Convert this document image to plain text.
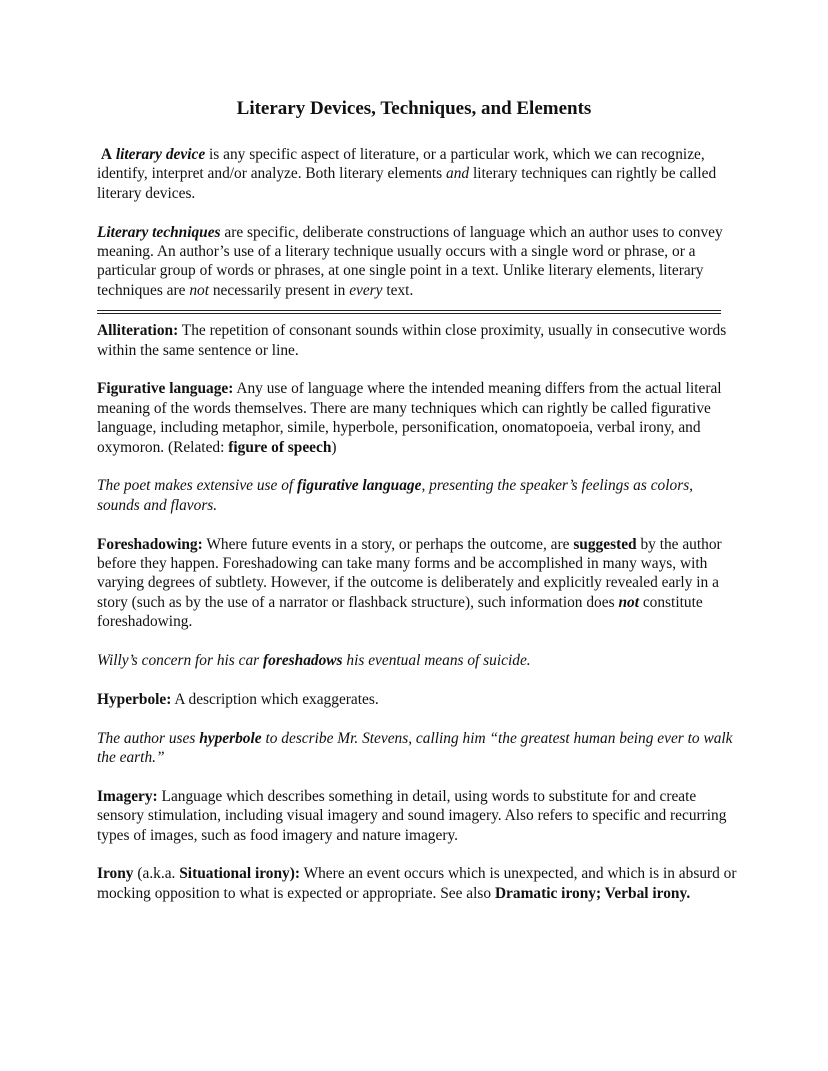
Literary Devices, Techniques, and Elements

A literary device is any specific aspect of literature, or a particular work, which we can recognize, identify, interpret and/or analyze. Both literary elements and literary techniques can rightly be called literary devices.

Literary techniques are specific, deliberate constructions of language which an author uses to convey meaning. An author’s use of a literary technique usually occurs with a single word or phrase, or a particular group of words or phrases, at one single point in a text. Unlike literary elements, literary techniques are not necessarily present in every text.

Alliteration: The repetition of consonant sounds within close proximity, usually in consecutive words within the same sentence or line.

Figurative language: Any use of language where the intended meaning differs from the actual literal meaning of the words themselves. There are many techniques which can rightly be called figurative language, including metaphor, simile, hyperbole, personification, onomatopoeia, verbal irony, and oxymoron. (Related: figure of speech)

The poet makes extensive use of figurative language, presenting the speaker’s feelings as colors, sounds and flavors.

Foreshadowing: Where future events in a story, or perhaps the outcome, are suggested by the author before they happen. Foreshadowing can take many forms and be accomplished in many ways, with varying degrees of subtlety. However, if the outcome is deliberately and explicitly revealed early in a story (such as by the use of a narrator or flashback structure), such information does not constitute foreshadowing.

Willy’s concern for his car foreshadows his eventual means of suicide.

Hyperbole: A description which exaggerates.

The author uses hyperbole to describe Mr. Stevens, calling him “the greatest human being ever to walk the earth.”

Imagery: Language which describes something in detail, using words to substitute for and create sensory stimulation, including visual imagery and sound imagery. Also refers to specific and recurring types of images, such as food imagery and nature imagery.

Irony (a.k.a. Situational irony): Where an event occurs which is unexpected, and which is in absurd or mocking opposition to what is expected or appropriate. See also Dramatic irony; Verbal irony.
